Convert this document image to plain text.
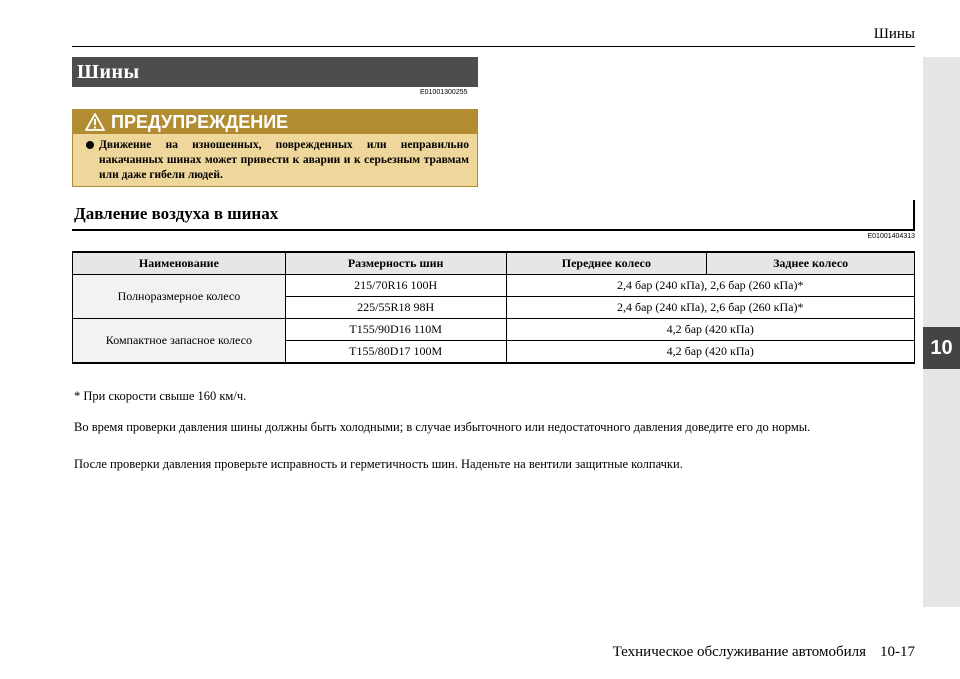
Шины
10
Шины
E01001300255
ПРЕДУПРЕЖДЕНИЕ
Движение на изношенных, поврежденных или неправильно накачанных шинах может привести к аварии и к серьезным травмам или даже гибели людей.
Давление воздуха в шинах
E01001404313
Наименование	Размерность шин	Переднее колесо	Заднее колесо
Полноразмерное колесо	215/70R16 100H	2,4 бар (240 кПа), 2,6 бар (260 кПа)*	
	225/55R18 98H	2,4 бар (240 кПа), 2,6 бар (260 кПа)*	
Компактное запасное колесо	T155/90D16 110M	4,2 бар (420 кПа)	
	T155/80D17 100M	4,2 бар (420 кПа)	
* При скорости свыше 160 км/ч.
Во время проверки давления шины должны быть холодными; в случае избыточного или недостаточного давления доведите его до нормы.
После проверки давления проверьте исправность и герметичность шин. Наденьте на вентили защитные колпачки.
Техническое обслуживание автомобиля 10-17
